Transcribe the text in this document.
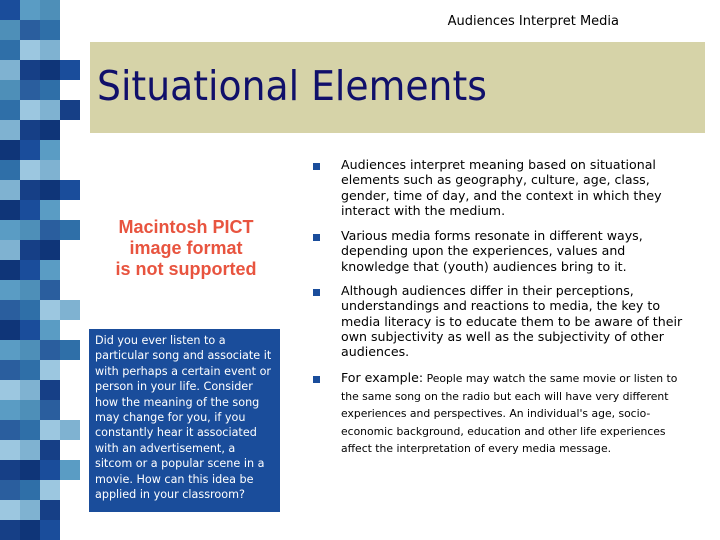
Audiences Interpret Media
Situational Elements
Macintosh PICT
image format
is not supported
Did you ever listen to a particular song and associate it with perhaps a certain event or person in your life. Consider how the meaning of the song may change for you, if you constantly hear it associated with an advertisement, a sitcom or a popular scene in a movie. How can this idea be applied in your classroom?
Audiences interpret meaning based on situational elements such as geography, culture, age, class, gender, time of day, and the context in which they interact with the medium.
Various media forms resonate in different ways, depending upon the experiences, values and knowledge that (youth) audiences bring to it.
Although audiences differ in their perceptions, understandings and reactions to media, the key to media literacy is to educate them to be aware of their own subjectivity as well as the subjectivity of other audiences.
For example: People may watch the same movie or listen to the same song on the radio but each will have very different experiences and perspectives. An individual's age, socio-economic background, education and other life experiences affect the interpretation of every media message.
